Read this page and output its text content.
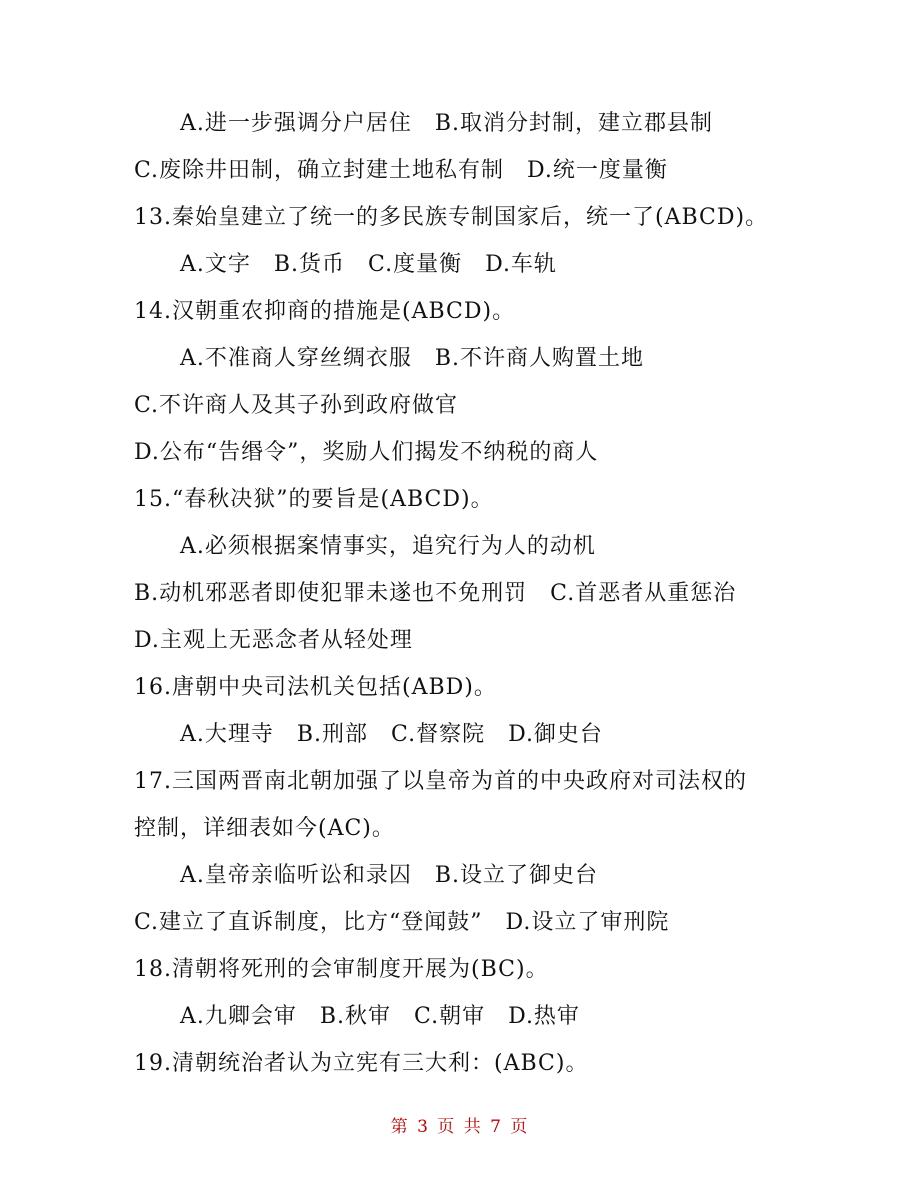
A.进一步强调分户居住　B.取消分封制，建立郡县制
C.废除井田制，确立封建土地私有制　D.统一度量衡
13.秦始皇建立了统一的多民族专制国家后，统一了(ABCD)。
A.文字　B.货币　C.度量衡　D.车轨
14.汉朝重农抑商的措施是(ABCD)。
A.不准商人穿丝绸衣服　B.不许商人购置土地
C.不许商人及其子孙到政府做官
D.公布“告缗令”，奖励人们揭发不纳税的商人
15.“春秋决狱”的要旨是(ABCD)。
A.必须根据案情事实，追究行为人的动机
B.动机邪恶者即使犯罪未遂也不免刑罚　C.首恶者从重惩治
D.主观上无恶念者从轻处理
16.唐朝中央司法机关包括(ABD)。
A.大理寺　B.刑部　C.督察院　D.御史台
17.三国两晋南北朝加强了以皇帝为首的中央政府对司法权的
控制，详细表如今(AC)。
A.皇帝亲临听讼和录囚　B.设立了御史台
C.建立了直诉制度，比方“登闻鼓”　D.设立了审刑院
18.清朝将死刑的会审制度开展为(BC)。
A.九卿会审　B.秋审　C.朝审　D.热审
19.清朝统治者认为立宪有三大利：(ABC)。
第 3 页 共 7 页
